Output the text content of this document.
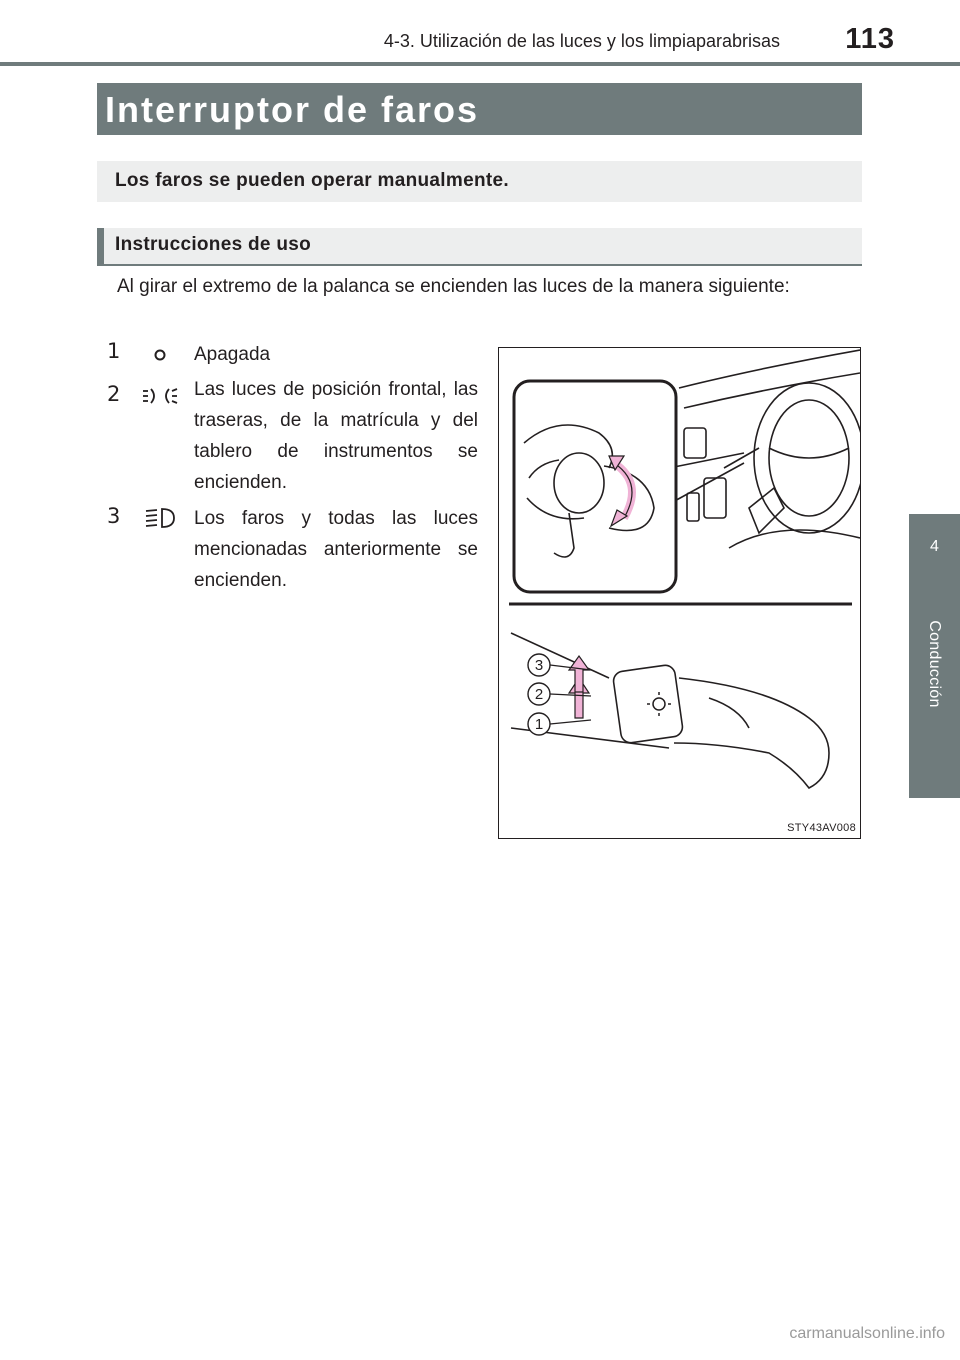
4-3. Utilización de las luces y los limpiaparabrisas	113
Interruptor de faros
Los faros se pueden operar manualmente.
Instrucciones de uso
Al girar el extremo de la palanca se encienden las luces de la manera siguiente:
1	Apagada
2	Las luces de posición frontal, las traseras, de la matrícula y del tablero de instrumentos se encienden.
3	Los faros y todas las luces mencionadas anteriormente se encienden.
3
2
1
STY43AV008
4
Conducción
carmanualsonline.info
